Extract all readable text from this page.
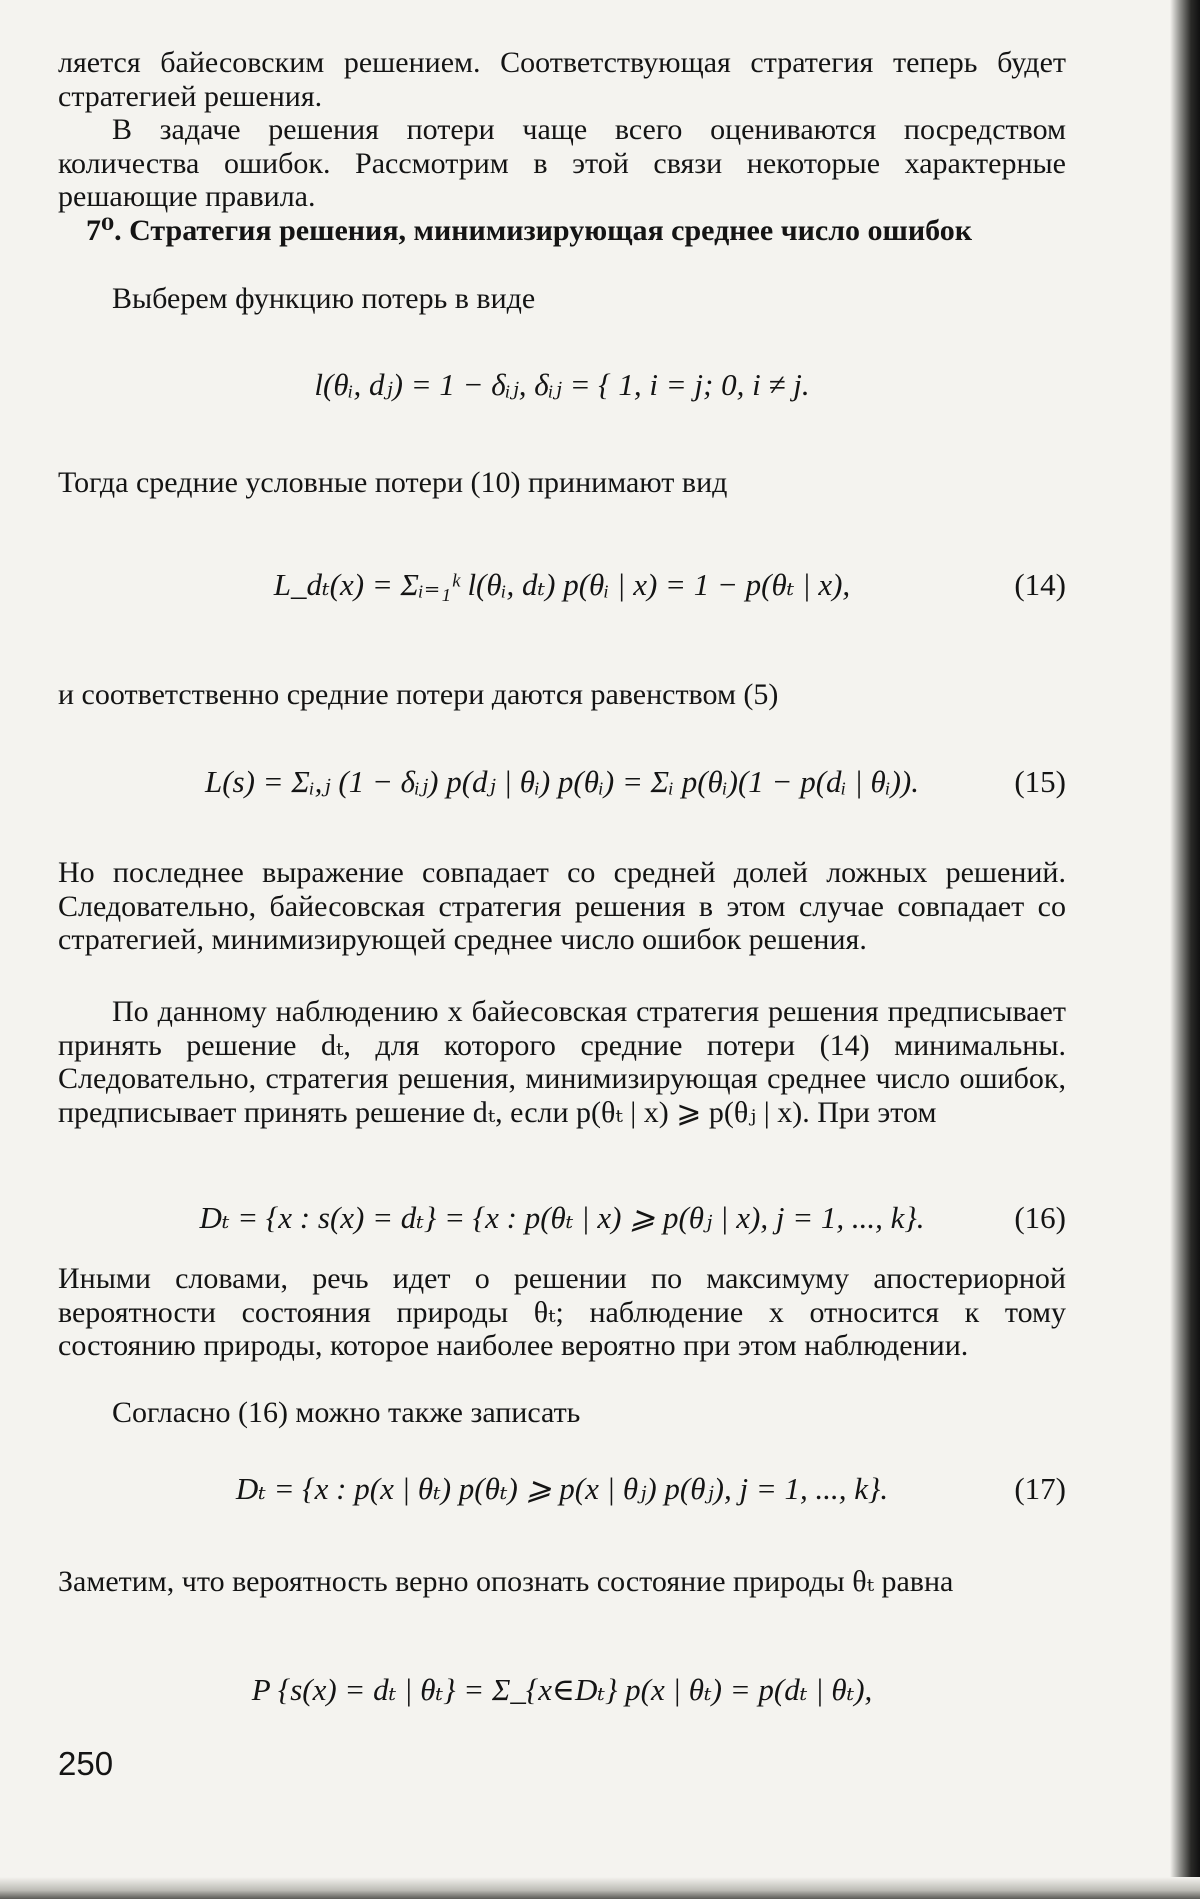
ляется байесовским решением. Соответствующая стратегия теперь будет стратегией решения.

В задаче решения потери чаще всего оцениваются посредством количества ошибок. Рассмотрим в этой связи некоторые характерные решающие правила.

7⁰. Стратегия решения, минимизирующая среднее число ошибок

Выберем функцию потерь в виде

l(θᵢ, dⱼ) = 1 − δᵢⱼ, δᵢⱼ = { 1, i = j; 0, i ≠ j.

Тогда средние условные потери (10) принимают вид

L_dₜ(x) = Σᵢ₌₁ᵏ l(θᵢ, dₜ) p(θᵢ | x) = 1 − p(θₜ | x),	(14)

и соответственно средние потери даются равенством (5)

L(s) = Σᵢ,ⱼ (1 − δᵢⱼ) p(dⱼ | θᵢ) p(θᵢ) = Σᵢ p(θᵢ)(1 − p(dᵢ | θᵢ)).	(15)

Но последнее выражение совпадает со средней долей ложных решений. Следовательно, байесовская стратегия решения в этом случае совпадает со стратегией, минимизирующей среднее число ошибок решения.

По данному наблюдению x байесовская стратегия решения предписывает принять решение dₜ, для которого средние потери (14) минимальны. Следовательно, стратегия решения, минимизирующая среднее число ошибок, предписывает принять решение dₜ, если p(θₜ | x) ⩾ p(θⱼ | x). При этом

Dₜ = {x : s(x) = dₜ} = {x : p(θₜ | x) ⩾ p(θⱼ | x), j = 1, ..., k}.	(16)

Иными словами, речь идет о решении по максимуму апостериорной вероятности состояния природы θₜ; наблюдение x относится к тому состоянию природы, которое наиболее вероятно при этом наблюдении.

Согласно (16) можно также записать

Dₜ = {x : p(x | θₜ) p(θₜ) ⩾ p(x | θⱼ) p(θⱼ), j = 1, ..., k}.	(17)

Заметим, что вероятность верно опознать состояние природы θₜ равна

P {s(x) = dₜ | θₜ} = Σ_{x∈Dₜ} p(x | θₜ) = p(dₜ | θₜ),
250
